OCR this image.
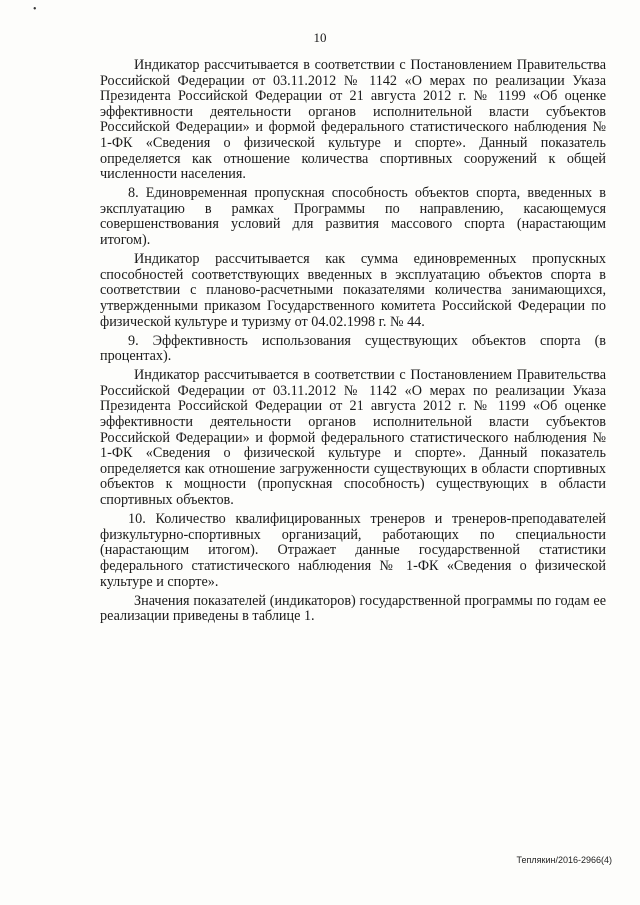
•
10

Индикатор рассчитывается в соответствии с Постановлением Правительства Российской Федерации от 03.11.2012 № 1142 «О мерах по реализации Указа Президента Российской Федерации от 21 августа 2012 г. № 1199 «Об оценке эффективности деятельности органов исполнительной власти субъектов Российской Федерации» и формой федерального статистического наблюдения № 1-ФК «Сведения о физической культуре и спорте». Данный показатель определяется как отношение количества спортивных сооружений к общей численности населения.

8. Единовременная пропускная способность объектов спорта, введенных в эксплуатацию в рамках Программы по направлению, касающемуся совершенствования условий для развития массового спорта (нарастающим итогом).

Индикатор рассчитывается как сумма единовременных пропускных способностей соответствующих введенных в эксплуатацию объектов спорта в соответствии с планово-расчетными показателями количества занимающихся, утвержденными приказом Государственного комитета Российской Федерации по физической культуре и туризму от 04.02.1998 г. № 44.

9. Эффективность использования существующих объектов спорта (в процентах).

Индикатор рассчитывается в соответствии с Постановлением Правительства Российской Федерации от 03.11.2012 № 1142 «О мерах по реализации Указа Президента Российской Федерации от 21 августа 2012 г. № 1199 «Об оценке эффективности деятельности органов исполнительной власти субъектов Российской Федерации» и формой федерального статистического наблюдения № 1-ФК «Сведения о физической культуре и спорте». Данный показатель определяется как отношение загруженности существующих в области спортивных объектов к мощности (пропускная способность) существующих в области спортивных объектов.

10. Количество квалифицированных тренеров и тренеров-преподавателей физкультурно-спортивных организаций, работающих по специальности (нарастающим итогом). Отражает данные государственной статистики федерального статистического наблюдения № 1-ФК «Сведения о физической культуре и спорте».

Значения показателей (индикаторов) государственной программы по годам ее реализации приведены в таблице 1.

Теплякин/2016-2966(4)
